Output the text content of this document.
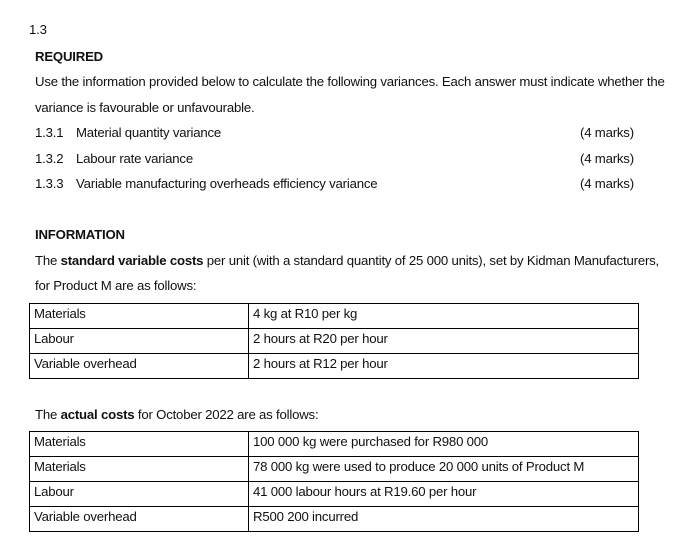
1.3
REQUIRED
Use the information provided below to calculate the following variances. Each answer must indicate whether the
variance is favourable or unfavourable.
1.3.1 Material quantity variance	(4 marks)
1.3.2 Labour rate variance	(4 marks)
1.3.3 Variable manufacturing overheads efficiency variance	(4 marks)
INFORMATION
The standard variable costs per unit (with a standard quantity of 25 000 units), set by Kidman Manufacturers,
for Product M are as follows:
Materials	4 kg at R10 per kg
Labour	2 hours at R20 per hour
Variable overhead	2 hours at R12 per hour
The actual costs for October 2022 are as follows:
Materials	100 000 kg were purchased for R980 000
Materials	78 000 kg were used to produce 20 000 units of Product M
Labour	41 000 labour hours at R19.60 per hour
Variable overhead	R500 200 incurred
